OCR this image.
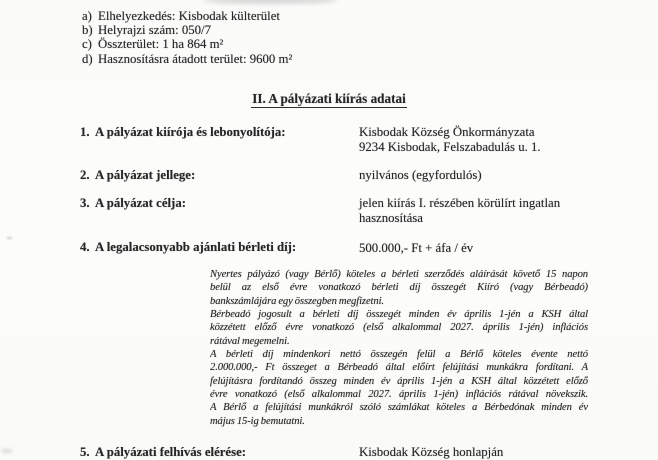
a) Elhelyezkedés: Kisbodak külterület
b) Helyrajzi szám: 050/7
c) Összterület: 1 ha 864 m²
d) Hasznosításra átadott terület: 9600 m²
II. A pályázati kiírás adatai
1. A pályázat kiírója és lebonyolítója:	Kisbodak Község Önkormányzata
9234 Kisbodak, Felszabadulás u. 1.
2. A pályázat jellege:	nyilvános (egyfordulós)
3. A pályázat célja:	jelen kiírás I. részében körülírt ingatlan
hasznosítása
4. A legalacsonyabb ajánlati bérleti díj:	500.000,- Ft + áfa / év
Nyertes pályázó (vagy Bérlő) köteles a bérleti szerződés aláírását követő 15 napon
belül az első évre vonatkozó bérleti díj összegét Kiíró (vagy Bérbeadó)
bankszámlájára egy összegben megfizetni.
Bérbeadó jogosult a bérleti díj összegét minden év április 1-jén a KSH által
közzétett előző évre vonatkozó (első alkalommal 2027. április 1-jén) inflációs
rátával megemelni.
A bérleti díj mindenkori nettó összegén felül a Bérlő köteles évente nettó
2.000.000,- Ft összeget a Bérbeadó által előírt felújítási munkákra fordítani. A
felújításra fordítandó összeg minden év április 1-jén a KSH által közzétett előző
évre vonatkozó (első alkalommal 2027. április 1-jén) inflációs rátával növekszik.
A Bérlő a felújítási munkákról szóló számlákat köteles a Bérbedónak minden év
május 15-ig bemutatni.
5. A pályázati felhívás elérése:	Kisbodak Község honlapján
